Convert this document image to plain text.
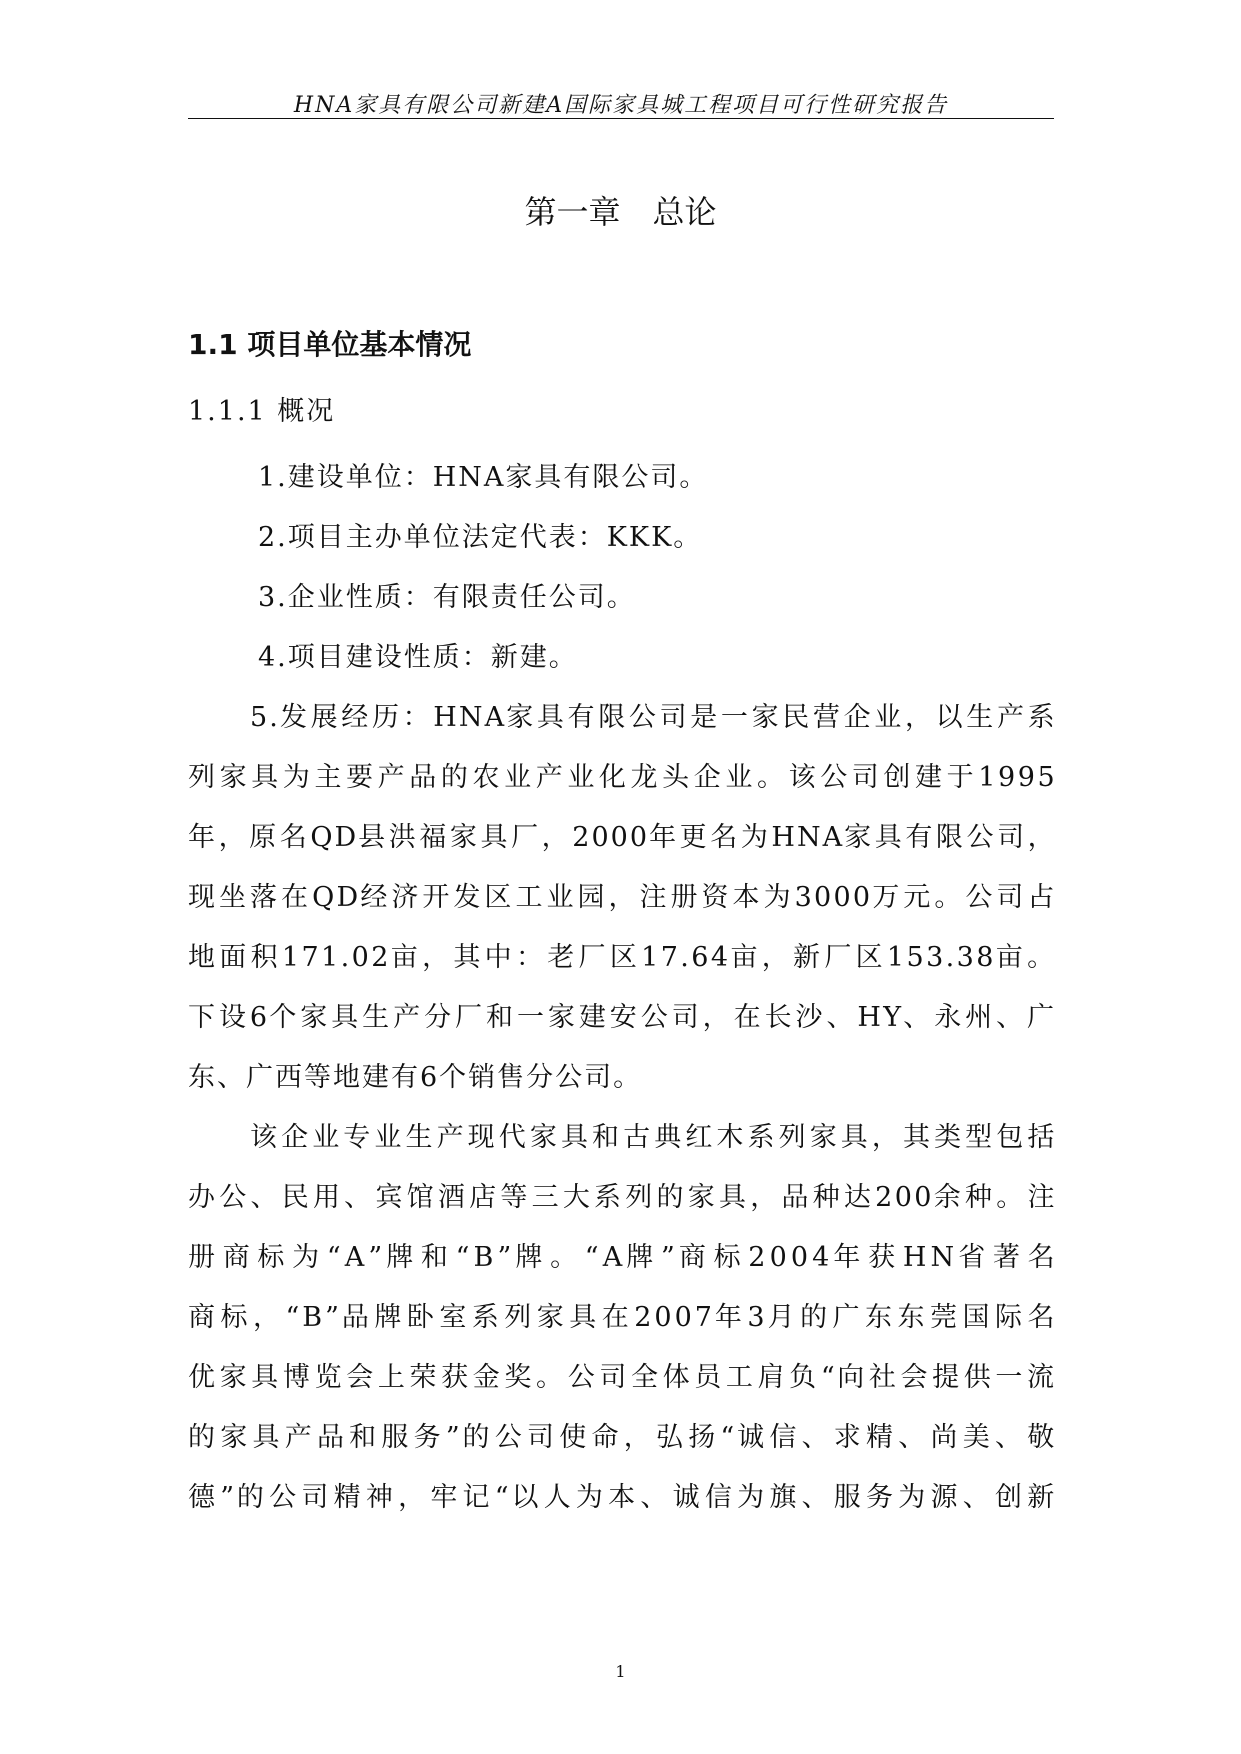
HNA家具有限公司新建A国际家具城工程项目可行性研究报告
第一章　总论
1.1 项目单位基本情况
1.1.1 概况
1.建设单位：HNA家具有限公司。
2.项目主办单位法定代表：KKK。
3.企业性质：有限责任公司。
4.项目建设性质：新建。
5 . 发 展 经 历 ： H N A 家 具 有 限 公 司 是 一 家 民 营 企 业 ， 以 生 产 系
列 家 具 为 主 要 产 品 的 农 业 产 业 化 龙 头 企 业 。 该 公 司 创 建 于 1 9 9 5
年 ， 原 名 Q D 县 洪 福 家 具 厂 ， 2 0 0 0 年 更 名 为 H N A 家 具 有 限 公 司 ，
现 坐 落 在 Q D 经 济 开 发 区 工 业 园 ， 注 册 资 本 为 3 0 0 0 万 元 。 公 司 占
地 面 积 1 7 1 . 0 2 亩 ， 其 中 ： 老 厂 区 1 7 . 6 4 亩 ， 新 厂 区 1 5 3 . 3 8 亩 。
下 设 6 个 家 具 生 产 分 厂 和 一 家 建 安 公 司 ， 在 长 沙 、 H Y 、 永 州 、 广
东、广西等地建有6个销售分公司。
该 企 业 专 业 生 产 现 代 家 具 和 古 典 红 木 系 列 家 具 ， 其 类 型 包 括
办 公 、 民 用 、 宾 馆 酒 店 等 三 大 系 列 的 家 具 ， 品 种 达 2 0 0 余 种 。 注
册 商 标 为 “ A ” 牌 和 “ B ” 牌 。 “ A 牌 ” 商 标 2 0 0 4 年 获 H N 省 著 名
商 标 ， “ B ” 品 牌 卧 室 系 列 家 具 在 2 0 0 7 年 3 月 的 广 东 东 莞 国 际 名
优 家 具 博 览 会 上 荣 获 金 奖 。 公 司 全 体 员 工 肩 负 “ 向 社 会 提 供 一 流
的 家 具 产 品 和 服 务 ” 的 公 司 使 命 ， 弘 扬 “ 诚 信 、 求 精 、 尚 美 、 敬
德 ” 的 公 司 精 神 ， 牢 记 “ 以 人 为 本 、 诚 信 为 旗 、 服 务 为 源 、 创 新
1
